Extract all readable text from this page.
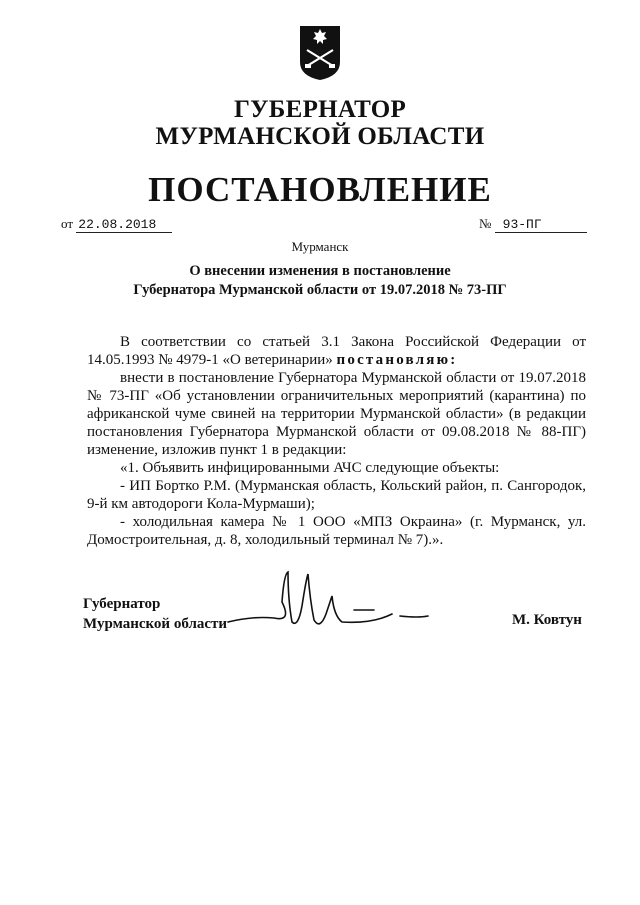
ГУБЕРНАТОР
МУРМАНСКОЙ ОБЛАСТИ
ПОСТАНОВЛЕНИЕ
от 22.08.2018	№ 93-ПГ
Мурманск
О внесении изменения в постановление
Губернатора Мурманской области от 19.07.2018 № 73-ПГ

В соответствии со статьей 3.1 Закона Российской Федерации от 14.05.1993 № 4979-1 «О ветеринарии» постановляю:

внести в постановление Губернатора Мурманской области от 19.07.2018 № 73-ПГ «Об установлении ограничительных мероприятий (карантина) по африканской чуме свиней на территории Мурманской области» (в редакции постановления Губернатора Мурманской области от 09.08.2018 № 88-ПГ) изменение, изложив пункт 1 в редакции:

«1. Объявить инфицированными АЧС следующие объекты:

- ИП Бортко Р.М. (Мурманская область, Кольский район, п. Сангородок, 9-й км автодороги Кола-Мурмаши);

- холодильная камера № 1 ООО «МПЗ Окраина» (г. Мурманск, ул. Домостроительная, д. 8, холодильный терминал № 7).».

Губернатор
Мурманской области	М. Ковтун
